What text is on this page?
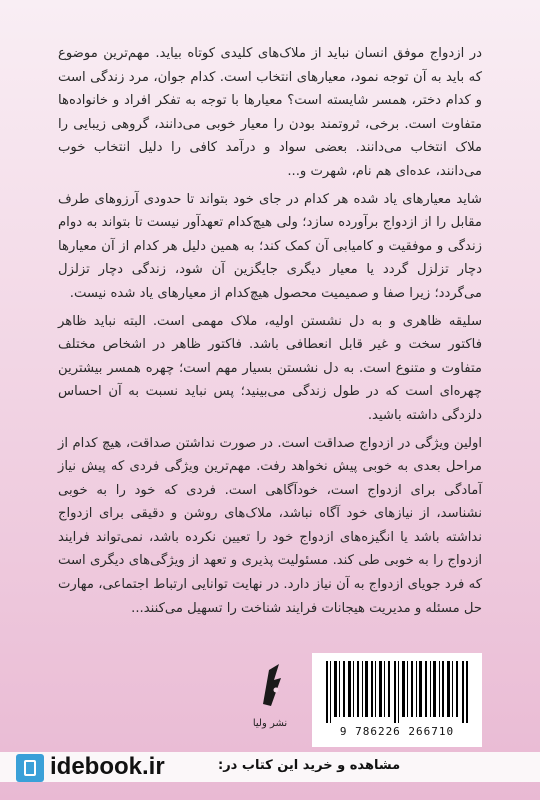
در ازدواج موفق انسان نباید از ملاک‌های کلیدی کوتاه بیاید. مهم‌ترین موضوع که باید به آن توجه نمود، معیارهای انتخاب است. کدام جوان، مرد زندگی است و کدام دختر، همسر شایسته است؟ معیارها با توجه به تفکر افراد و خانواده‌ها متفاوت است. برخی، ثروتمند بودن را معیار خوبی می‌دانند، گروهی زیبایی را ملاک انتخاب می‌دانند. بعضی سواد و درآمد کافی را دلیل انتخاب خوب می‌دانند، عده‌ای هم نام، شهرت و...

شاید معیارهای یاد شده هر کدام در جای خود بتواند تا حدودی آرزوهای طرف مقابل را از ازدواج برآورده سازد؛ ولی هیچ‌کدام تعهدآور نیست تا بتواند به دوام زندگی و موفقیت و کامیابی آن کمک کند؛ به همین دلیل هر کدام از آن معیارها دچار تزلزل گردد یا معیار دیگری جایگزین آن شود، زندگی دچار تزلزل می‌گردد؛ زیرا صفا و صمیمیت محصول هیچ‌کدام از معیارهای یاد شده نیست.

سلیقه ظاهری و به دل نشستن اولیه، ملاک مهمی است. البته نباید ظاهر فاکتور سخت و غیر قابل انعطافی باشد. فاکتور ظاهر در اشخاص مختلف متفاوت و متنوع است. به دل نشستن بسیار مهم است؛ چهره همسر بیشترین چهره‌ای است که در طول زندگی می‌بینید؛ پس نباید نسبت به آن احساس دلزدگی داشته باشید.

اولین ویژگی در ازدواج صداقت است. در صورت نداشتن صداقت، هیچ کدام از مراحل بعدی به خوبی پیش نخواهد رفت. مهم‌ترین ویژگی فردی که پیش نیاز آمادگی برای ازدواج است، خودآگاهی است. فردی که خود را به خوبی نشناسد، از نیازهای خود آگاه نباشد، ملاک‌های روشن و دقیقی برای ازدواج نداشته باشد یا انگیزه‌های ازدواج خود را تعیین نکرده باشد، نمی‌تواند فرایند ازدواج را به خوبی طی کند. مسئولیت پذیری و تعهد از ویژگی‌های دیگری است که فرد جویای ازدواج به آن نیاز دارد. در نهایت توانایی ارتباط اجتماعی، مهارت حل مسئله و مدیریت هیجانات فرایند شناخت را تسهیل می‌کنند...

نشر ولیا
9 786226 266710
idebook.ir	مشاهده و خرید این کتاب در:
